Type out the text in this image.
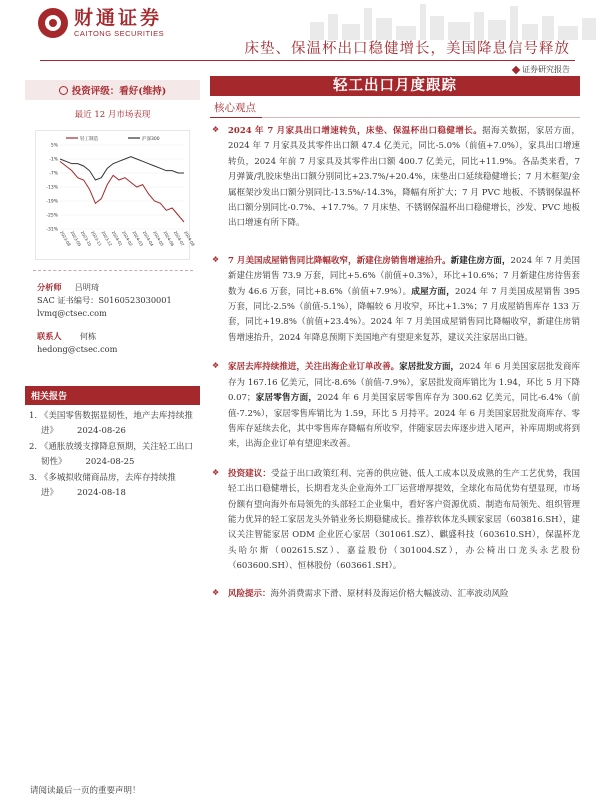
财通证券
CAITONG SECURITIES
床垫、保温杯出口稳健增长，美国降息信号释放
证券研究报告
投资评级：看好(维持)
最近 12 月市场表现
轻工制造	沪深300
5%
-1%
-7%
-13%
-19%
-25%
-31% 2023-08
2023-09
2023-10
2023-11
2023-12
2024-01
2024-02
2024-03
2024-04
2024-05
2024-06
2024-07
2024-08
分析师 吕明琦
SAC 证书编号：S0160523030001
lvmq@ctsec.com
联系人 何栋
hedong@ctsec.com
相关报告
1. 《美国零售数据显韧性，地产去库持续推进》 2024-08-26
2. 《通胀放缓支撑降息预期，关注轻工出口韧性》 2024-08-25
3. 《多城拟收储商品房，去库存持续推进》 2024-08-18
轻工出口月度跟踪
核心观点
❖ 2024 年 7 月家具出口增速转负，床垫、保温杯出口稳健增长。据海关数据，家居方面，2024 年 7 月家具及其零件出口额 47.4 亿美元，同比-5.0%（前值+7.0%），家具出口增速转负，2024 年前 7 月家具及其零件出口额 400.7 亿美元，同比+11.9%。各品类来看，7 月弹簧/乳胶床垫出口额分别同比+23.7%/+20.4%，床垫出口延续稳健增长；7 月木框架/金属框架沙发出口额分别同比-13.5%/-14.3%，降幅有所扩大；7 月 PVC 地板、不锈钢保温杯出口额分别同比-0.7%、+17.7%。7 月床垫、不锈钢保温杯出口稳健增长，沙发、PVC 地板出口增速有所下降。
❖ 7 月美国成屋销售同比降幅收窄，新建住房销售增速抬升。新建住房方面，2024 年 7 月美国新建住房销售 73.9 万套，同比+5.6%（前值+0.3%），环比+10.6%；7 月新建住房待售套数为 46.6 万套，同比+8.6%（前值+7.9%）。成屋方面，2024 年 7 月美国成屋销售 395 万套，同比-2.5%（前值-5.1%），降幅较 6 月收窄，环比+1.3%；7 月成屋销售库存 133 万套，同比+19.8%（前值+23.4%）。2024 年 7 月美国成屋销售同比降幅收窄，新建住房销售增速抬升，2024 年降息预期下美国地产有望迎来复苏，建议关注家居出口链。
❖ 家居去库持续推进，关注出海企业订单改善。家居批发方面，2024 年 6 月美国家居批发商库存为 167.16 亿美元，同比-8.6%（前值-7.9%），家居批发商库销比为 1.94，环比 5 月下降 0.07；家居零售方面，2024 年 6 月美国家居零售库存为 300.62 亿美元，同比-6.4%（前值-7.2%），家居零售库销比为 1.59，环比 5 月持平。2024 年 6 月美国家居批发商库存、零售库存延续去化，其中零售库存降幅有所收窄，伴随家居去库逐步进入尾声，补库周期或将到来，出海企业订单有望迎来改善。
❖ 投资建议：受益于出口政策红利、完善的供应链、低人工成本以及成熟的生产工艺优势，我国轻工出口稳健增长，长期看龙头企业海外工厂运营增厚提效，全球化布局优势有望显现，市场份额有望向海外布局领先的头部轻工企业集中，看好客户资源优质、制造布局领先、组织管理能力优异的轻工家居龙头外销业务长期稳健成长。推荐软体龙头顾家家居（603816.SH），建议关注智能家居 ODM 企业匠心家居（301061.SZ）、麒盛科技（603610.SH），保温杯龙头哈尔斯（002615.SZ）、嘉益股份（301004.SZ），办公椅出口龙头永艺股份（603600.SH）、恒林股份（603661.SH）。
❖ 风险提示：海外消费需求下滑、原材料及海运价格大幅波动、汇率波动风险
请阅读最后一页的重要声明！
